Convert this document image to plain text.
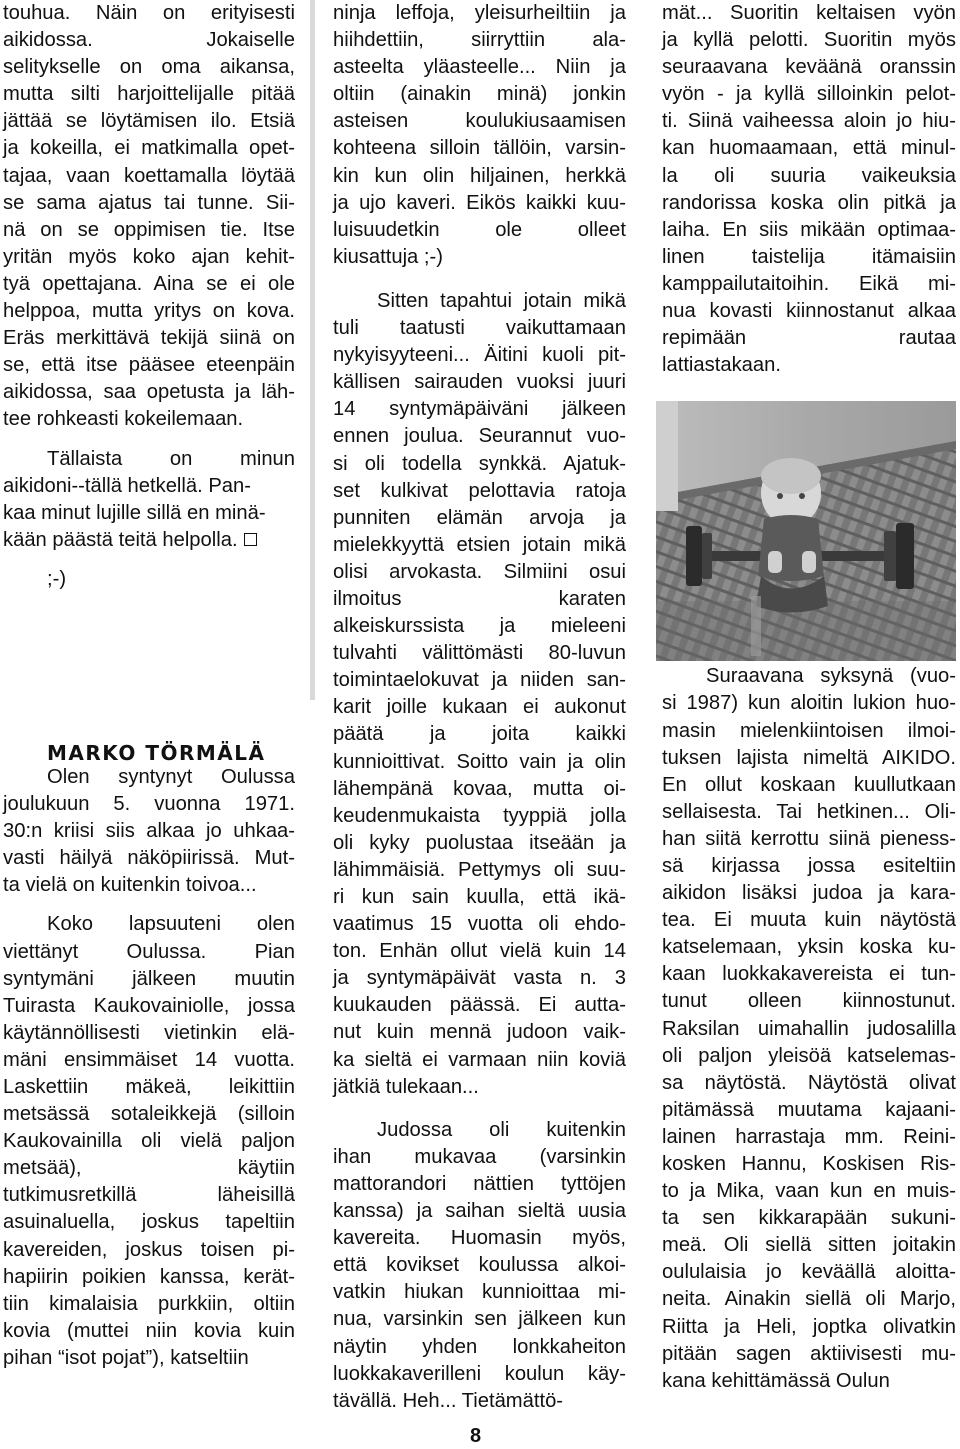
touhua. Näin on erityisesti
aikidossa. Jokaiselle
selitykselle on oma aikansa,
mutta silti harjoittelijalle pitää
jättää se löytämisen ilo. Etsiä
ja kokeilla, ei matkimalla opet-
tajaa, vaan koettamalla löytää
se sama ajatus tai tunne. Sii-
nä on se oppimisen tie. Itse
yritän myös koko ajan kehit-
tyä opettajana. Aina se ei ole
helppoa, mutta yritys on kova.
Eräs merkittävä tekijä siinä on
se, että itse pääsee eteenpäin
aikidossa, saa opetusta ja läh-
tee rohkeasti kokeilemaan.
Tällaista on minun
aikidoni--tällä hetkellä. Pan-
kaa minut lujille sillä en minä-
kään päästä teitä helpolla.
;-)
Olen syntynyt Oulussa
joulukuun 5. vuonna 1971.
30:n kriisi siis alkaa jo uhkaa-
vasti häilyä näköpiirissä. Mut-
ta vielä on kuitenkin toivoa...
Koko lapsuuteni olen
viettänyt Oulussa. Pian
syntymäni jälkeen muutin
Tuirasta Kaukovainiolle, jossa
käytännöllisesti vietinkin elä-
mäni ensimmäiset 14 vuotta.
Laskettiin mäkeä, leikittiin
metsässä sotaleikkejä (silloin
Kaukovainilla oli vielä paljon
metsää), käytiin
tutkimusretkillä läheisillä
asuinaluella, joskus tapeltiin
kavereiden, joskus toisen pi-
hapiirin poikien kanssa, kerät-
tiin kimalaisia purkkiin, oltiin
kovia (muttei niin kovia kuin
pihan “isot pojat”), katseltiin
MARKO TÖRMÄLÄ
ninja leffoja, yleisurheiltiin ja
hiihdettiin, siirryttiin ala-
asteelta yläasteelle... Niin ja
oltiin (ainakin minä) jonkin
asteisen koulukiusaamisen
kohteena silloin tällöin, varsin-
kin kun olin hiljainen, herkkä
ja ujo kaveri. Eikös kaikki kuu-
luisuudetkin ole olleet
kiusattuja ;-)
Sitten tapahtui jotain mikä
tuli taatusti vaikuttamaan
nykyisyyteeni... Äitini kuoli pit-
källisen sairauden vuoksi juuri
14 syntymäpäiväni jälkeen
ennen joulua. Seurannut vuo-
si oli todella synkkä. Ajatuk-
set kulkivat pelottavia ratoja
punniten elämän arvoja ja
mielekkyyttä etsien jotain mikä
olisi arvokasta. Silmiini osui
ilmoitus karaten
alkeiskurssista ja mieleeni
tulvahti välittömästi 80-luvun
toimintaelokuvat ja niiden san-
karit joille kukaan ei aukonut
päätä ja joita kaikki
kunnioittivat. Soitto vain ja olin
lähempänä kovaa, mutta oi-
keudenmukaista tyyppiä jolla
oli kyky puolustaa itseään ja
lähimmäisiä. Pettymys oli suu-
ri kun sain kuulla, että ikä-
vaatimus 15 vuotta oli ehdo-
ton. Enhän ollut vielä kuin 14
ja syntymäpäivät vasta n. 3
kuukauden päässä. Ei autta-
nut kuin mennä judoon vaik-
ka sieltä ei varmaan niin koviä
jätkiä tulekaan...
Judossa oli kuitenkin
ihan mukavaa (varsinkin
mattorandori nättien tyttöjen
kanssa) ja saihan sieltä uusia
kavereita. Huomasin myös,
että kovikset koulussa alkoi-
vatkin hiukan kunnioittaa mi-
nua, varsinkin sen jälkeen kun
näytin yhden lonkkaheiton
luokkakaverilleni koulun käy-
tävällä. Heh... Tietämättö-
mät... Suoritin keltaisen vyön
ja kyllä pelotti. Suoritin myös
seuraavana keväänä oranssin
vyön - ja kyllä silloinkin pelot-
ti. Siinä vaiheessa aloin jo hiu-
kan huomaamaan, että minul-
la oli suuria vaikeuksia
randorissa koska olin pitkä ja
laiha. En siis mikään optimaa-
linen taistelija itämaisiin
kamppailutaitoihin. Eikä mi-
nua kovasti kiinnostanut alkaa
repimään rautaa
lattiastakaan.
Suraavana syksynä (vuo-
si 1987) kun aloitin lukion huo-
masin mielenkiintoisen ilmoi-
tuksen lajista nimeltä AIKIDO.
En ollut koskaan kuullutkaan
sellaisesta. Tai hetkinen... Oli-
han siitä kerrottu siinä pieness-
sä kirjassa jossa esiteltiin
aikidon lisäksi judoa ja kara-
tea. Ei muuta kuin näytöstä
katselemaan, yksin koska ku-
kaan luokkakavereista ei tun-
tunut olleen kiinnostunut.
Raksilan uimahallin judosalilla
oli paljon yleisöä katselemas-
sa näytöstä. Näytöstä olivat
pitämässä muutama kajaani-
lainen harrastaja mm. Reini-
kosken Hannu, Koskisen Ris-
to ja Mika, vaan kun en muis-
ta sen kikkarapään sukuni-
meä. Oli siellä sitten joitakin
oululaisia jo keväällä aloitta-
neita. Ainakin siellä oli Marjo,
Riitta ja Heli, joptka olivatkin
pitään sagen aktiivisesti mu-
kana kehittämässä Oulun
8
